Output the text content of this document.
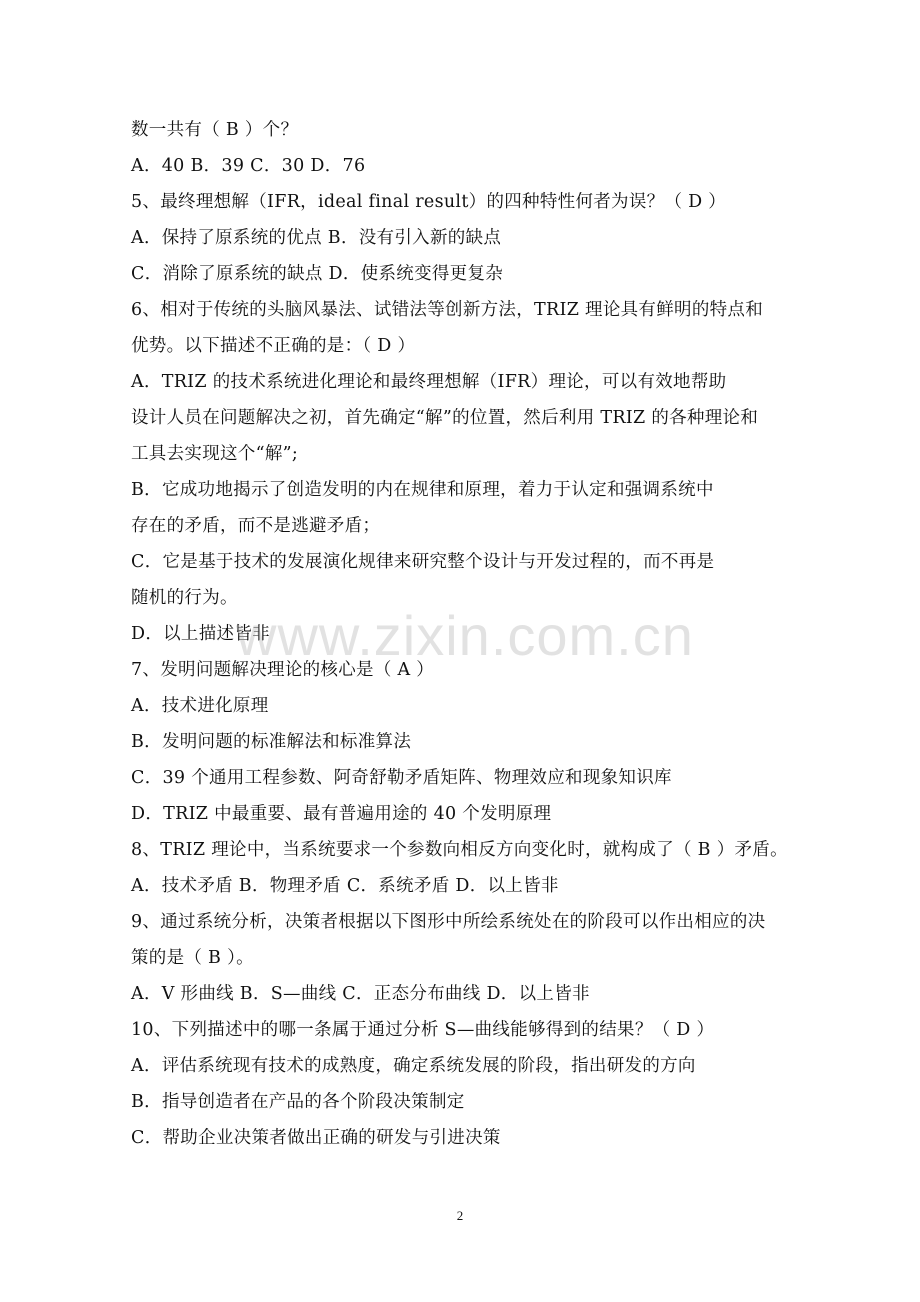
数一共有（ B ）个？
A．40 B．39 C．30 D．76
5、最终理想解（IFR，ideal final result）的四种特性何者为误？（ D ）
A．保持了原系统的优点 B．没有引入新的缺点
C．消除了原系统的缺点 D．使系统变得更复杂
6、相对于传统的头脑风暴法、试错法等创新方法，TRIZ 理论具有鲜明的特点和
优势。以下描述不正确的是：（ D ）
A．TRIZ 的技术系统进化理论和最终理想解（IFR）理论，可以有效地帮助
设计人员在问题解决之初，首先确定“解”的位置，然后利用 TRIZ 的各种理论和
工具去实现这个“解”;
B．它成功地揭示了创造发明的内在规律和原理，着力于认定和强调系统中
存在的矛盾，而不是逃避矛盾；
C．它是基于技术的发展演化规律来研究整个设计与开发过程的，而不再是
随机的行为。
D．以上描述皆非
7、发明问题解决理论的核心是（ A ）
A．技术进化原理
B．发明问题的标准解法和标准算法
C．39 个通用工程参数、阿奇舒勒矛盾矩阵、物理效应和现象知识库
D．TRIZ 中最重要、最有普遍用途的 40 个发明原理
8、TRIZ 理论中，当系统要求一个参数向相反方向变化时，就构成了（ B ）矛盾。
A．技术矛盾 B．物理矛盾 C．系统矛盾 D．以上皆非
9、通过系统分析，决策者根据以下图形中所绘系统处在的阶段可以作出相应的决
策的是（ B ）。
A．V 形曲线 B．S—曲线 C．正态分布曲线 D．以上皆非
10、下列描述中的哪一条属于通过分析 S—曲线能够得到的结果？（ D ）
A．评估系统现有技术的成熟度，确定系统发展的阶段，指出研发的方向
B．指导创造者在产品的各个阶段决策制定
C．帮助企业决策者做出正确的研发与引进决策
www.zixin.com.cn
2
